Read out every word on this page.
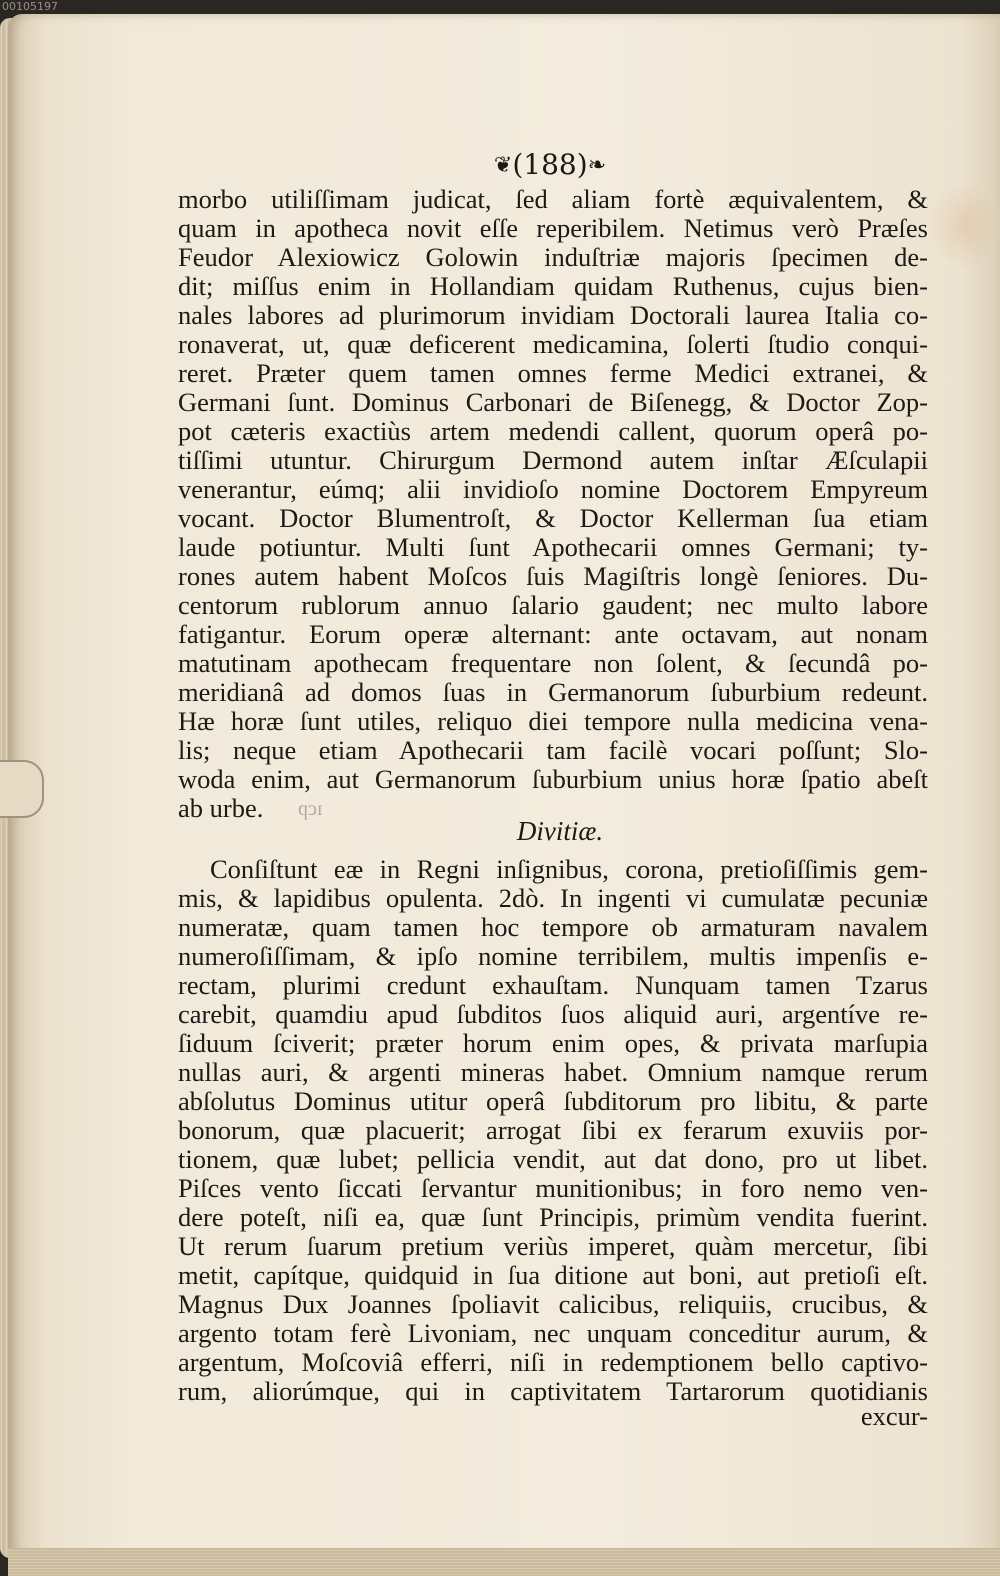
00105197
❦(188)❧
morbo utiliſſimam judicat, ſed aliam fortè æquivalentem, &
quam in apotheca novit eſſe reperibilem. Netimus verò Præſes
Feudor Alexiowicz Golowin induſtriæ majoris ſpecimen de-
dit; miſſus enim in Hollandiam quidam Ruthenus, cujus bien-
nales labores ad plurimorum invidiam Doctorali laurea Italia co-
ronaverat, ut, quæ deficerent medicamina, ſolerti ſtudio conqui-
reret. Præter quem tamen omnes ferme Medici extranei, &
Germani ſunt. Dominus Carbonari de Biſenegg, & Doctor Zop-
pot cæteris exactiùs artem medendi callent, quorum operâ po-
tiſſimi utuntur. Chirurgum Dermond autem inſtar Æſculapii
venerantur, eúmq; alii invidioſo nomine Doctorem Empyreum
vocant. Doctor Blumentroſt, & Doctor Kellerman ſua etiam
laude potiuntur. Multi ſunt Apothecarii omnes Germani; ty-
rones autem habent Moſcos ſuis Magiſtris longè ſeniores. Du-
centorum rublorum annuo ſalario gaudent; nec multo labore
fatigantur. Eorum operæ alternant: ante octavam, aut nonam
matutinam apothecam frequentare non ſolent, & ſecundâ po-
meridianâ ad domos ſuas in Germanorum ſuburbium redeunt.
Hæ horæ ſunt utiles, reliquo diei tempore nulla medicina vena-
lis; neque etiam Apothecarii tam facilè vocari poſſunt; Slo-
woda enim, aut Germanorum ſuburbium unius horæ ſpatio abeſt
ab urbe.	ıcp
Divitiæ.
Conſiſtunt eæ in Regni inſignibus, corona, pretioſiſſimis gem-
mis, & lapidibus opulenta. 2dò. In ingenti vi cumulatæ pecuniæ
numeratæ, quam tamen hoc tempore ob armaturam navalem
numeroſiſſimam, & ipſo nomine terribilem, multis impenſis e-
rectam, plurimi credunt exhauſtam. Nunquam tamen Tzarus
carebit, quamdiu apud ſubditos ſuos aliquid auri, argentíve re-
ſiduum ſciverit; præter horum enim opes, & privata marſupia
nullas auri, & argenti mineras habet. Omnium namque rerum
abſolutus Dominus utitur operâ ſubditorum pro libitu, & parte
bonorum, quæ placuerit; arrogat ſibi ex ferarum exuviis por-
tionem, quæ lubet; pellicia vendit, aut dat dono, pro ut libet.
Piſces vento ſiccati ſervantur munitionibus; in foro nemo ven-
dere poteſt, niſi ea, quæ ſunt Principis, primùm vendita fuerint.
Ut rerum ſuarum pretium veriùs imperet, quàm mercetur, ſibi
metit, capítque, quidquid in ſua ditione aut boni, aut pretioſi eſt.
Magnus Dux Joannes ſpoliavit calicibus, reliquiis, crucibus, &
argento totam ferè Livoniam, nec unquam conceditur aurum, &
argentum, Moſcoviâ efferri, niſi in redemptionem bello captivo-
rum, aliorúmque, qui in captivitatem Tartarorum quotidianis
excur-
